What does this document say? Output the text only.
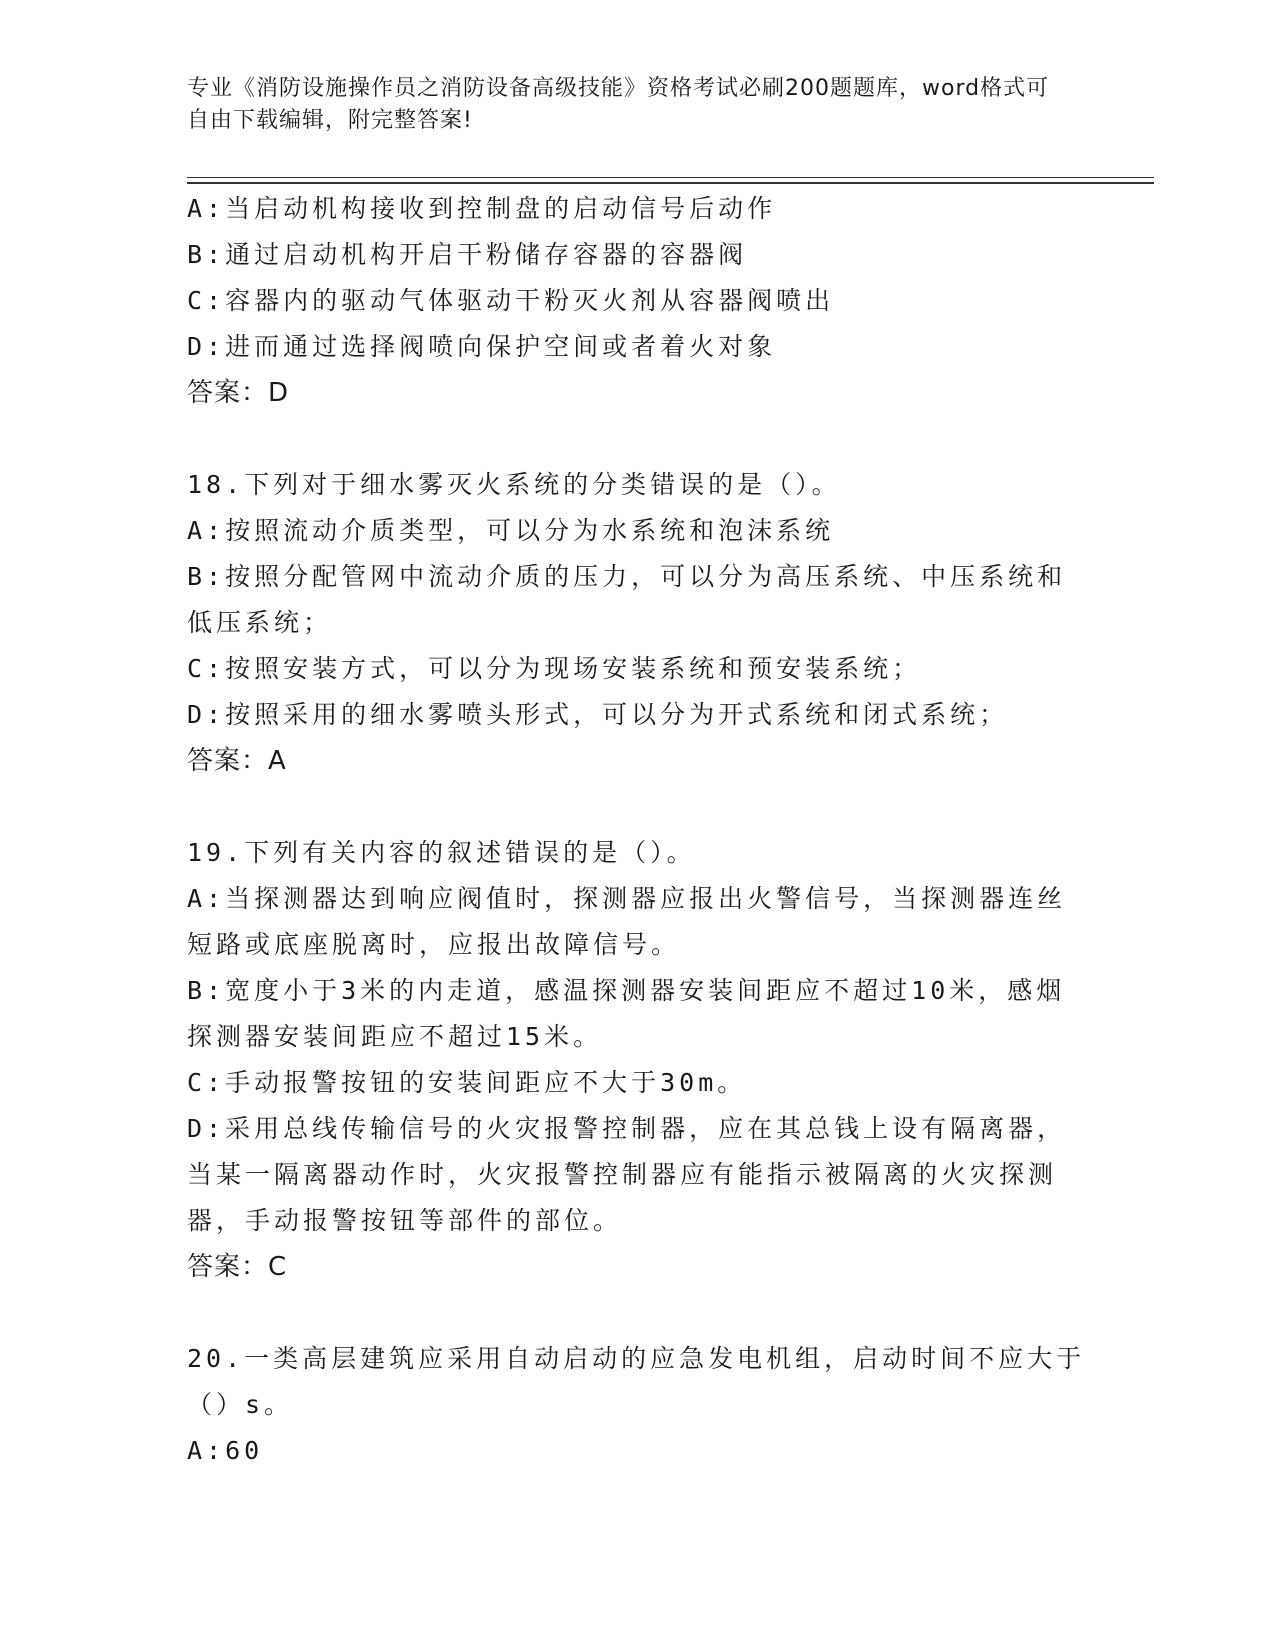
专业《消防设施操作员之消防设备高级技能》资格考试必刷200题题库，word格式可自由下载编辑，附完整答案!
A:当启动机构接收到控制盘的启动信号后动作
B:通过启动机构开启干粉储存容器的容器阀
C:容器内的驱动气体驱动干粉灭火剂从容器阀喷出
D:进而通过选择阀喷向保护空间或者着火对象
答案：D
18.下列对于细水雾灭火系统的分类错误的是（）。
A:按照流动介质类型，可以分为水系统和泡沫系统
B:按照分配管网中流动介质的压力，可以分为高压系统、中压系统和低压系统；
C:按照安装方式，可以分为现场安装系统和预安装系统；
D:按照采用的细水雾喷头形式，可以分为开式系统和闭式系统；
答案：A
19.下列有关内容的叙述错误的是（）。
A:当探测器达到响应阀值时，探测器应报出火警信号，当探测器连丝短路或底座脱离时，应报出故障信号。
B:宽度小于3米的内走道，感温探测器安装间距应不超过10米，感烟探测器安装间距应不超过15米。
C:手动报警按钮的安装间距应不大于30m。
D:采用总线传输信号的火灾报警控制器，应在其总钱上设有隔离器，当某一隔离器动作时，火灾报警控制器应有能指示被隔离的火灾探测器，手动报警按钮等部件的部位。
答案：C
20.一类高层建筑应采用自动启动的应急发电机组，启动时间不应大于（）s。
A:60
